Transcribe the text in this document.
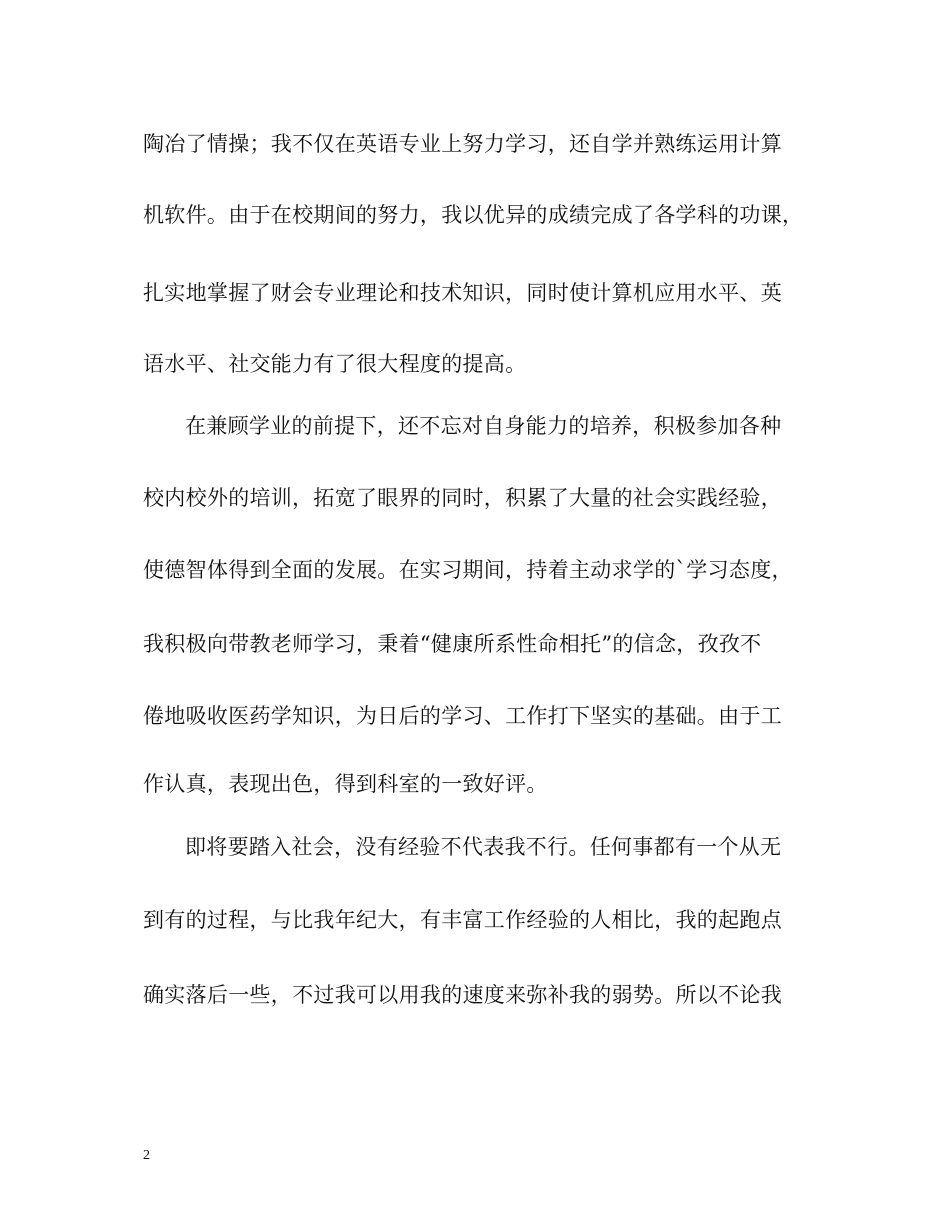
陶冶了情操；我不仅在英语专业上努力学习，还自学并熟练运用计算
机软件。由于在校期间的努力，我以优异的成绩完成了各学科的功课，
扎实地掌握了财会专业理论和技术知识，同时使计算机应用水平、英
语水平、社交能力有了很大程度的提高。
在兼顾学业的前提下，还不忘对自身能力的培养，积极参加各种
校内校外的培训，拓宽了眼界的同时，积累了大量的社会实践经验，
使德智体得到全面的发展。在实习期间，持着主动求学的`学习态度，
我积极向带教老师学习，秉着“健康所系性命相托”的信念，孜孜不
倦地吸收医药学知识，为日后的学习、工作打下坚实的基础。由于工
作认真，表现出色，得到科室的一致好评。
即将要踏入社会，没有经验不代表我不行。任何事都有一个从无
到有的过程，与比我年纪大，有丰富工作经验的人相比，我的起跑点
确实落后一些，不过我可以用我的速度来弥补我的弱势。所以不论我
2
